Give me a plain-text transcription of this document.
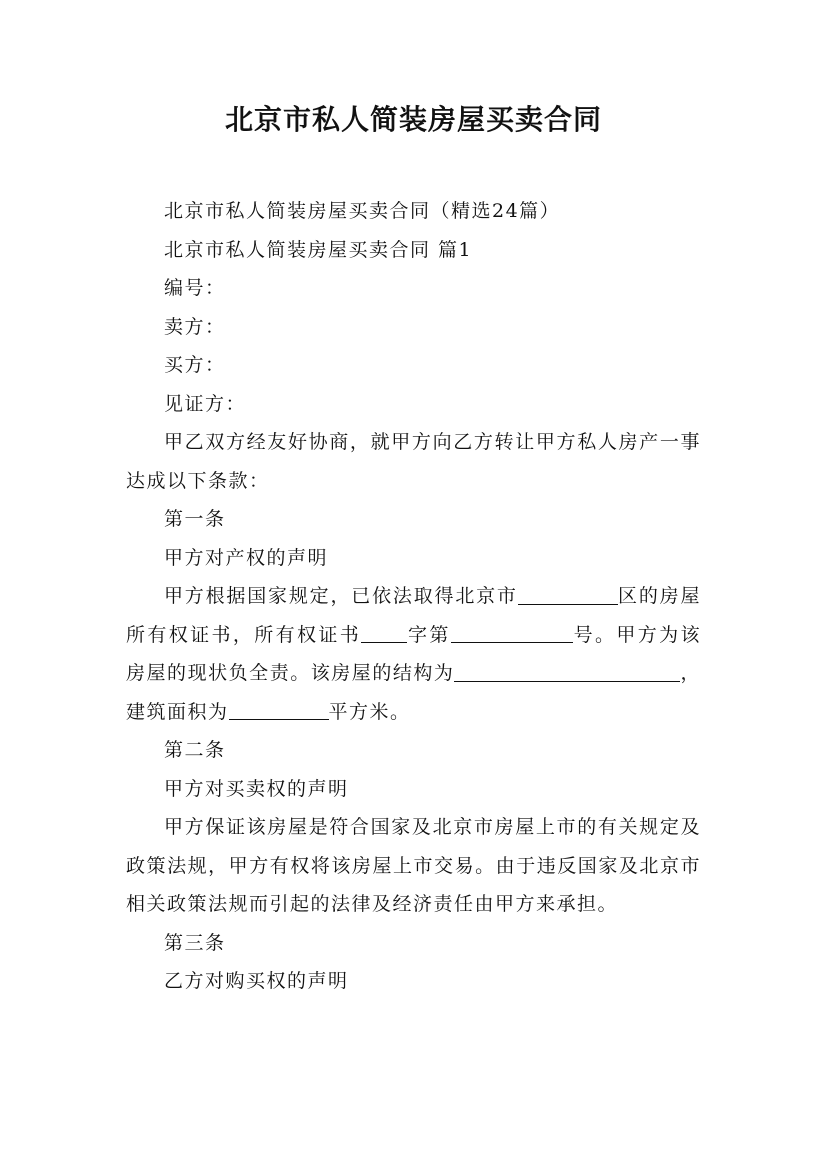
北京市私人简装房屋买卖合同

北京市私人简装房屋买卖合同（精选24篇）

北京市私人简装房屋买卖合同 篇1

编号：

卖方：

买方：

见证方：

甲乙双方经友好协商，就甲方向乙方转让甲方私人房产一事达成以下条款：

第一条

甲方对产权的声明

甲方根据国家规定，已依法取得北京市	区的房屋所有权证书，所有权证书 字第	号。甲方为该房屋的现状负全责。该房屋的结构为	，建筑面积为	平方米。

第二条

甲方对买卖权的声明

甲方保证该房屋是符合国家及北京市房屋上市的有关规定及政策法规，甲方有权将该房屋上市交易。由于违反国家及北京市相关政策法规而引起的法律及经济责任由甲方来承担。

第三条

乙方对购买权的声明
